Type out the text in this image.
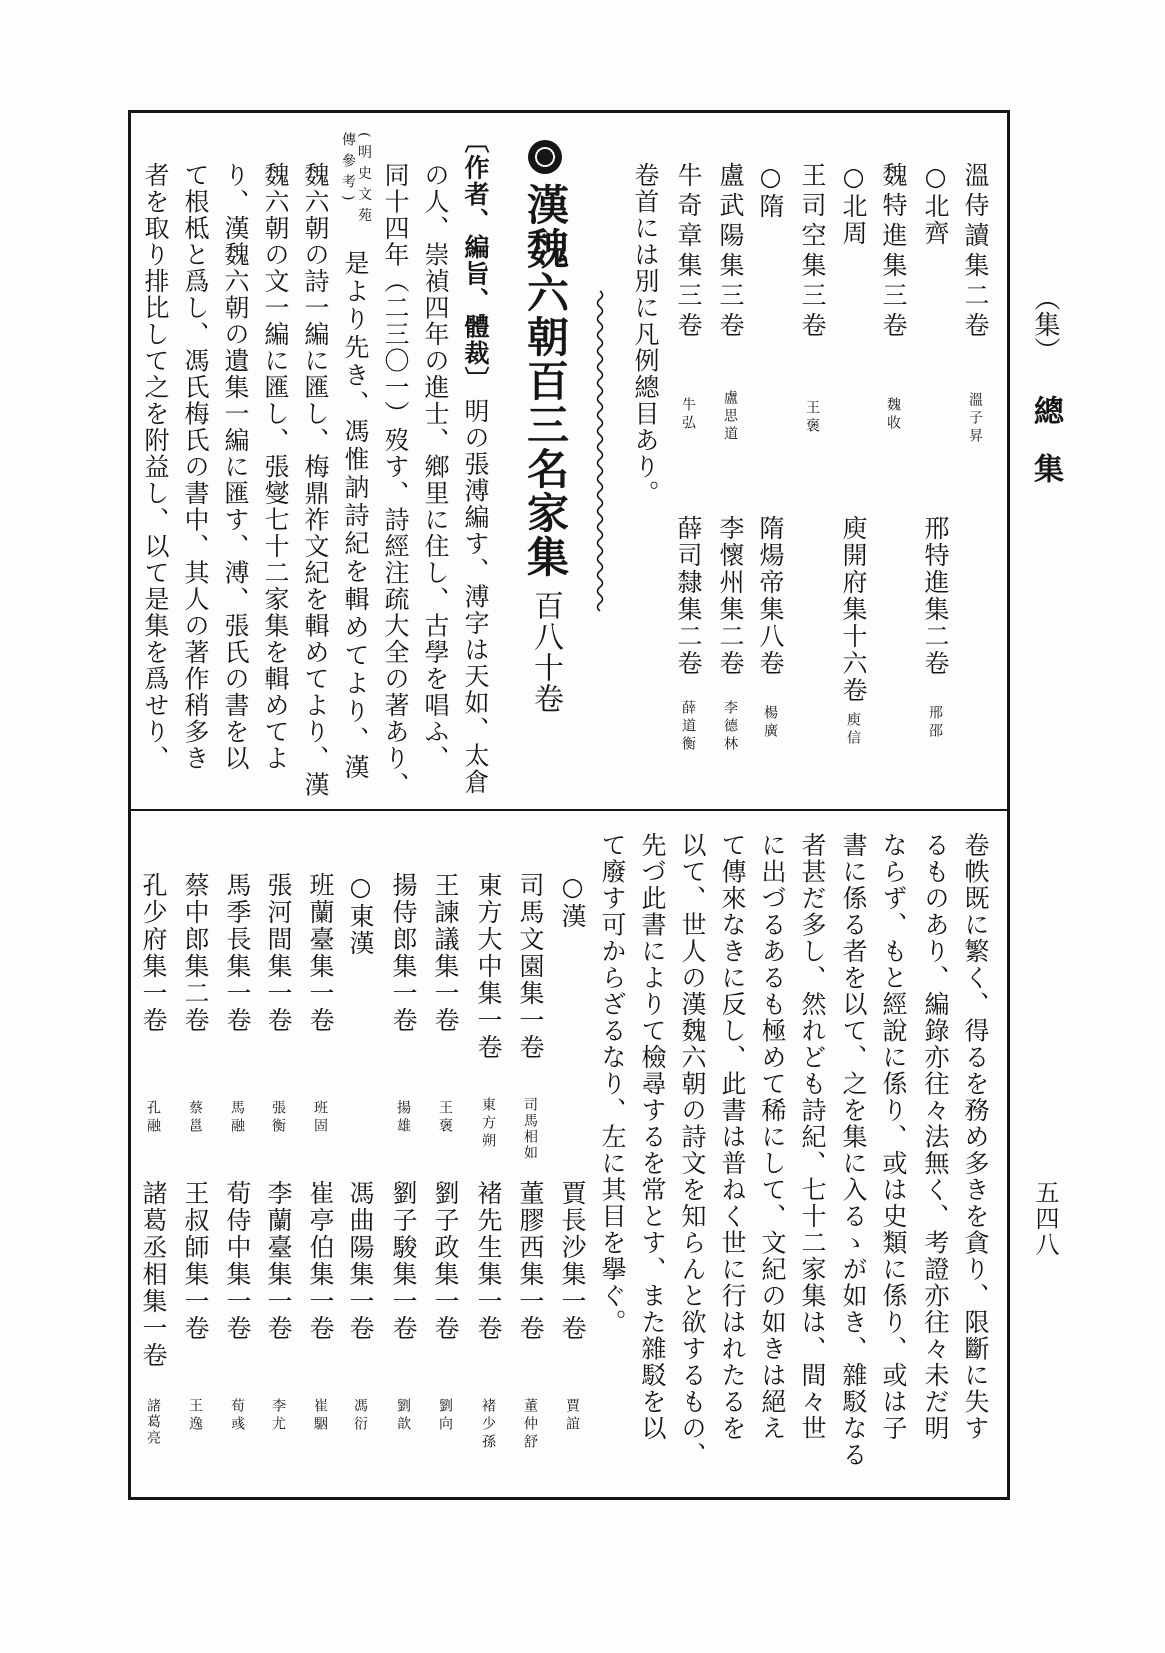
（集）
總集
五四八
溫侍讀集二卷
溫子昇
○北齊
邢特進集二卷
邢邵
魏特進集三卷
魏收
○北周
庾開府集十六卷
庾信
王司空集三卷
王褒
○隋
隋煬帝集八卷
楊廣
盧武陽集三卷
盧思道
李懷州集二卷
李德林
牛奇章集三卷
牛弘
薛司隸集二卷
薛道衡
卷首には別に凡例總目あり。
漢魏六朝百三名家集
百八十卷
〔作者、編旨、體裁〕
明の張溥編す、溥字は天如、太倉
の人、崇禎四年の進士、鄉里に住し、古學を唱ふ、
同十四年（二三〇一）歿す、詩經注疏大全の著あり、
(明史文苑
傳參考)
是より先き、馮惟訥詩紀を輯めてより、漢
魏六朝の詩一編に匯し、梅鼎祚文紀を輯めてより、漢
魏六朝の文一編に匯し、張燮七十二家集を輯めてよ
り、漢魏六朝の遺集一編に匯す、溥、張氏の書を以
て根柢と爲し、馮氏梅氏の書中、其人の著作稍多き
者を取り排比して之を附益し、以て是集を爲せり、
卷帙既に繁く、得るを務め多きを貪り、限斷に失す
るものあり、編錄亦往々法無く、考證亦往々未だ明
ならず、もと經說に係り、或は史類に係り、或は子
書に係る者を以て、之を集に入るゝが如き、雜駁なる
者甚だ多し、然れども詩紀、七十二家集は、間々世
に出づるあるも極めて稀にして、文紀の如きは絕え
て傳來なきに反し、此書は普ねく世に行はれたるを
以て、世人の漢魏六朝の詩文を知らんと欲するもの、
先づ此書によりて檢尋するを常とす、また雜駁を以
て廢す可からざるなり、左に其目を擧ぐ。
○漢
賈長沙集一卷
賈誼
司馬文園集一卷
司馬相如
董膠西集一卷
董仲舒
東方大中集一卷
東方朔
褚先生集一卷
褚少孫
王諫議集一卷
王褒
劉子政集一卷
劉向
揚侍郎集一卷
揚雄
劉子駿集一卷
劉歆
○東漢
馮曲陽集一卷
馮衍
班蘭臺集一卷
班固
崔亭伯集一卷
崔駰
張河間集一卷
張衡
李蘭臺集一卷
李尤
馬季長集一卷
馬融
荀侍中集一卷
荀彧
蔡中郎集二卷
蔡邕
王叔師集一卷
王逸
孔少府集一卷
孔融
諸葛丞相集一卷
諸葛亮
